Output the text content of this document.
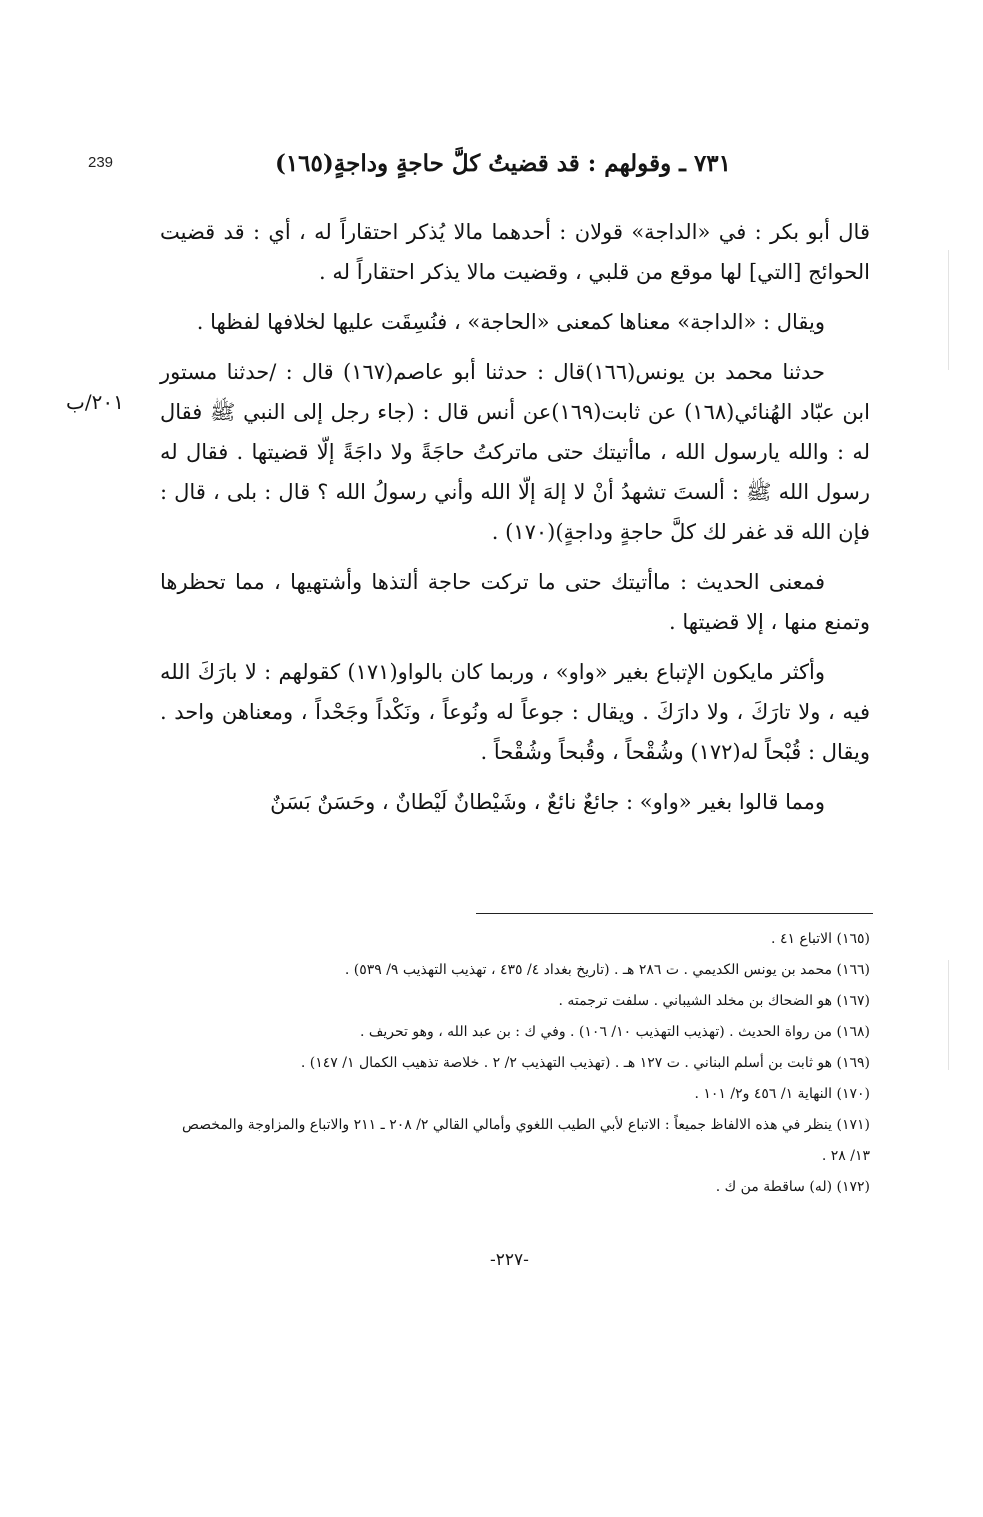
239	٧٣١ ـ وقولهم : قد قضيتُ كلَّ حاجةٍ وداجةٍ(١٦٥)
٢٠١/ب

قال أبو بكر : في «الداجة» قولان : أحدهما مالا يُذكر احتقاراً له ، أي : قد قضيت الحوائج [التي] لها موقع من قلبي ، وقضيت مالا يذكر احتقاراً له .

ويقال : «الداجة» معناها كمعنى «الحاجة» ، فنُسِقَت عليها لخلافها لفظها .

حدثنا محمد بن يونس(١٦٦)قال : حدثنا أبو عاصم(١٦٧) قال : /حدثنا مستور ابن عبّاد الهُنائي(١٦٨) عن ثابت(١٦٩)عن أنس قال : (جاء رجل إلى النبي ﷺ فقال له : والله يارسول الله ، ماأتيتك حتى ماتركتُ حاجَةً ولا داجَةً إلّا قضيتها . فقال له رسول الله ﷺ : ألستَ تشهدُ أنْ لا إلهَ إلّا الله وأني رسولُ الله ؟ قال : بلى ، قال : فإن الله قد غفر لك كلَّ حاجةٍ وداجةٍ)(١٧٠) .

فمعنى الحديث : ماأتيتك حتى ما تركت حاجة ألتذها وأشتهيها ، مما تحظرها وتمنع منها ، إلا قضيتها .

وأكثر مايكون الإتباع بغير «واو» ، وربما كان بالواو(١٧١) كقولهم : لا بارَكَ الله فيه ، ولا تارَكَ ، ولا دارَكَ . ويقال : جوعاً له ونُوعاً ، ونَكْداً وجَحْداً ، ومعناهن واحد . ويقال : قُبْحاً له(١٧٢) وشُقْحاً ، وقُبحاً وشُقْحاً .

ومما قالوا بغير «واو» : جائعٌ نائعٌ ، وشَيْطانٌ لَيْطانٌ ، وحَسَنٌ بَسَنٌ

(١٦٥) الاتباع ٤١ .
(١٦٦) محمد بن يونس الكديمي . ت ٢٨٦ هـ . (تاريخ بغداد ٤/ ٤٣٥ ، تهذيب التهذيب ٩/ ٥٣٩) .
(١٦٧) هو الضحاك بن مخلد الشيباني . سلفت ترجمته .
(١٦٨) من رواة الحديث . (تهذيب التهذيب ١٠/ ١٠٦) . وفي ك : بن عبد الله ، وهو تحريف .
(١٦٩) هو ثابت بن أسلم البناني . ت ١٢٧ هـ . (تهذيب التهذيب ٢/ ٢ . خلاصة تذهيب الكمال ١/ ١٤٧) .
(١٧٠) النهاية ١/ ٤٥٦ و٢/ ١٠١ .
(١٧١) ينظر في هذه الالفاظ جميعاً : الاتباع لأبي الطيب اللغوي وأمالي القالي ٢/ ٢٠٨ ـ ٢١١ والاتباع والمزاوجة والمخصص ١٣/ ٢٨ .
(١٧٢) (له) ساقطة من ك .
-٢٢٧-
